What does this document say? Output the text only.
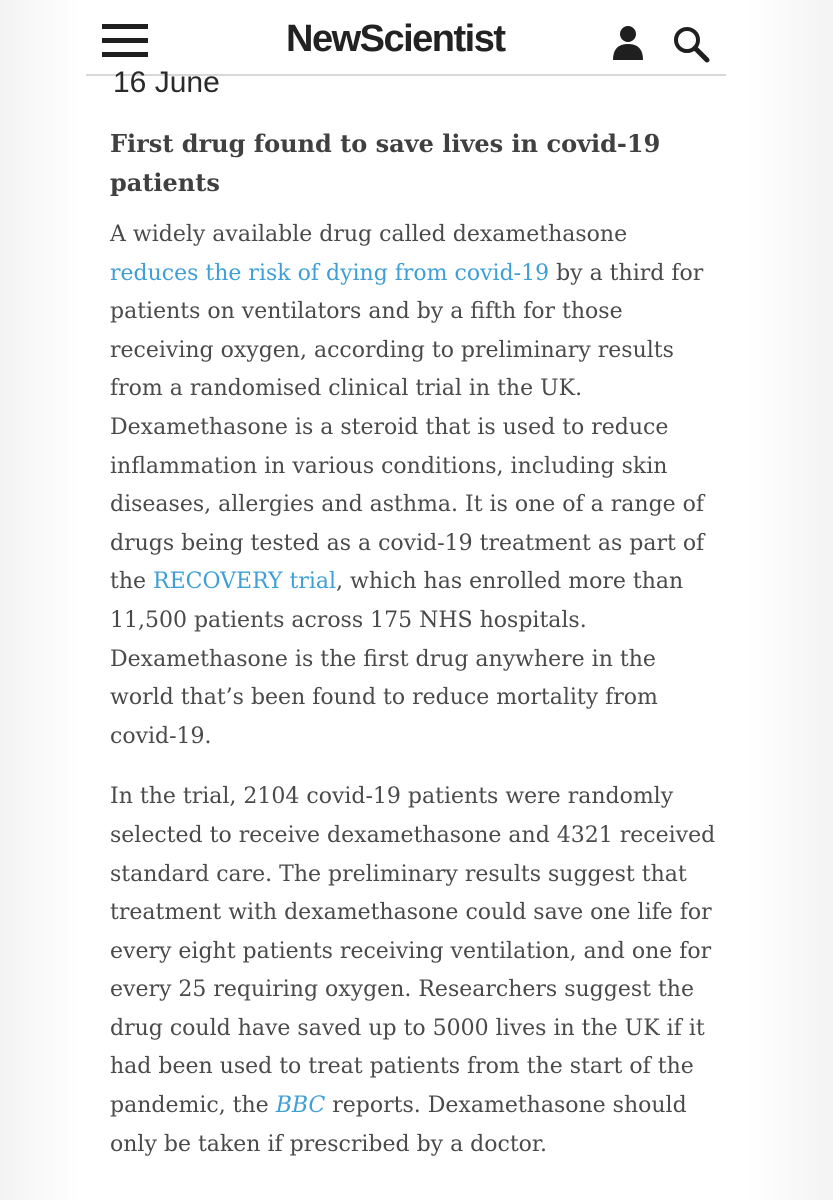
NewScientist
16 June
First drug found to save lives in covid-19 patients

A widely available drug called dexamethasone reduces the risk of dying from covid-19 by a third for patients on ventilators and by a fifth for those receiving oxygen, according to preliminary results from a randomised clinical trial in the UK. Dexamethasone is a steroid that is used to reduce inflammation in various conditions, including skin diseases, allergies and asthma. It is one of a range of drugs being tested as a covid-19 treatment as part of the RECOVERY trial, which has enrolled more than 11,500 patients across 175 NHS hospitals. Dexamethasone is the first drug anywhere in the world that’s been found to reduce mortality from covid-19.

In the trial, 2104 covid-19 patients were randomly selected to receive dexamethasone and 4321 received standard care. The preliminary results suggest that treatment with dexamethasone could save one life for every eight patients receiving ventilation, and one for every 25 requiring oxygen. Researchers suggest the drug could have saved up to 5000 lives in the UK if it had been used to treat patients from the start of the pandemic, the BBC reports. Dexamethasone should only be taken if prescribed by a doctor.
